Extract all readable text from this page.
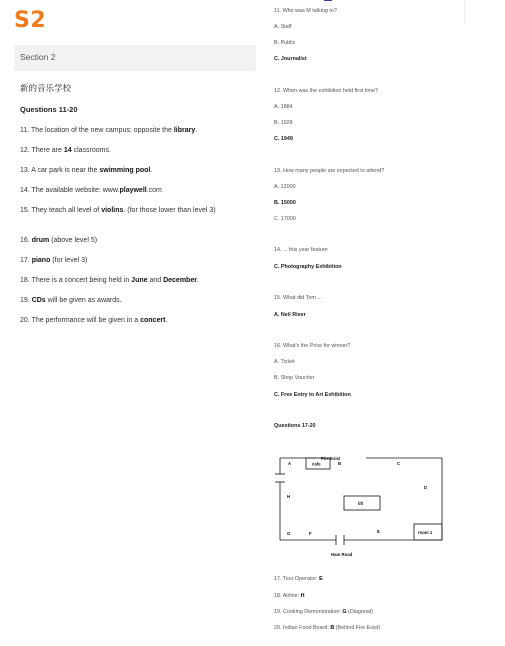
S2
Section 2
新的音乐学校
Questions 11-20
11. The location of the new campus: opposite the library.
12. There are 14 classrooms.
13. A car park is near the swimming pool.
14. The available website: www.playwell.com
15. They teach all level of violins. (for those lower than level 3)
16. drum (above level 5)
17. piano (for level 3)
18. There is a concert being held in June and December.
19. CDs will be given as awards.
20. The performance will be given in a concert.
11. Who was M talking to?
A. Staff
B. Public
C. Journalist
12. When was the exhibition held first time?
A. 1884
B. 1928
C. 1949
13. How many people are expected to attend?
A. 12000
B. 15000
C. 17000
14. ... this year feature
C. Photography Exhibition
15. What did Tom ...
A. Neil River
16. What's the Price for winner?
A. Ticket
B. Shop Voucher
C. Free Entry to Art Exhibition
Questions 17-20
Fire Exist
cafe
lift
room 1
Ham Road
A	B	C
D
E
F
G
H
17. Tour Operator: E
18. Airline: H
19. Cooking Demonstration: G (Diagonal)
20. Indian Food Board: B (Behind Fire Exist)
